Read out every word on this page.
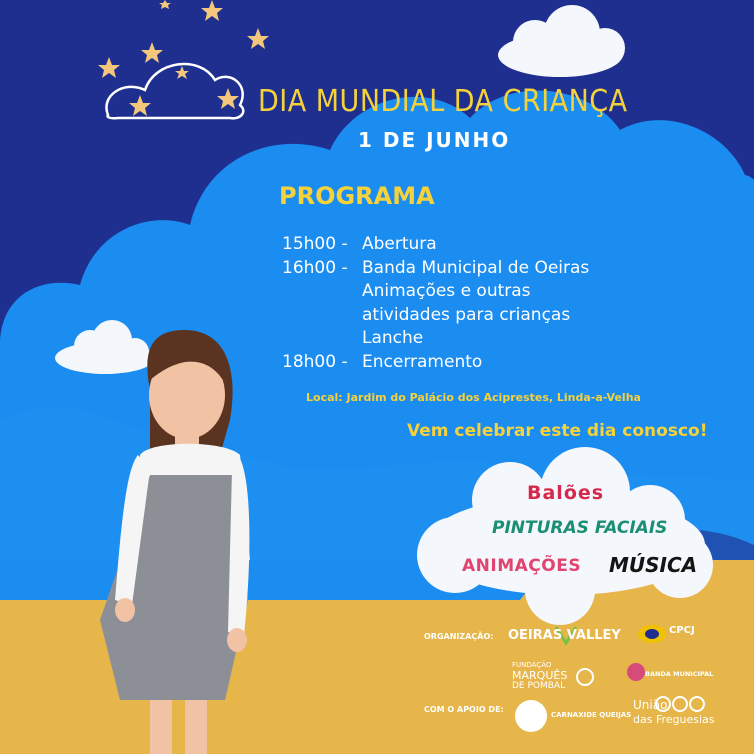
DIA MUNDIAL DA CRIANÇA
1 DE JUNHO
PROGRAMA
15h00 - Abertura
16h00 - Banda Municipal de Oeiras
Animações e outras
atividades para crianças
Lanche
18h00 - Encerramento
Local: Jardim do Palácio dos Aciprestes, Linda-a-Velha
Vem celebrar este dia conosco!
Balões
PINTURAS FACIAIS
ANIMAÇÕES MÚSICA
ORGANIZAÇÃO:
COM O APOIO DE:
OEIRAS VALLEY	CPCJ
FUNDAÇÃO
MARQUÊS
DE POMBAL
BANDA MUNICIPAL
CARNAXIDE QUEIJAS
União
das Freguesias
